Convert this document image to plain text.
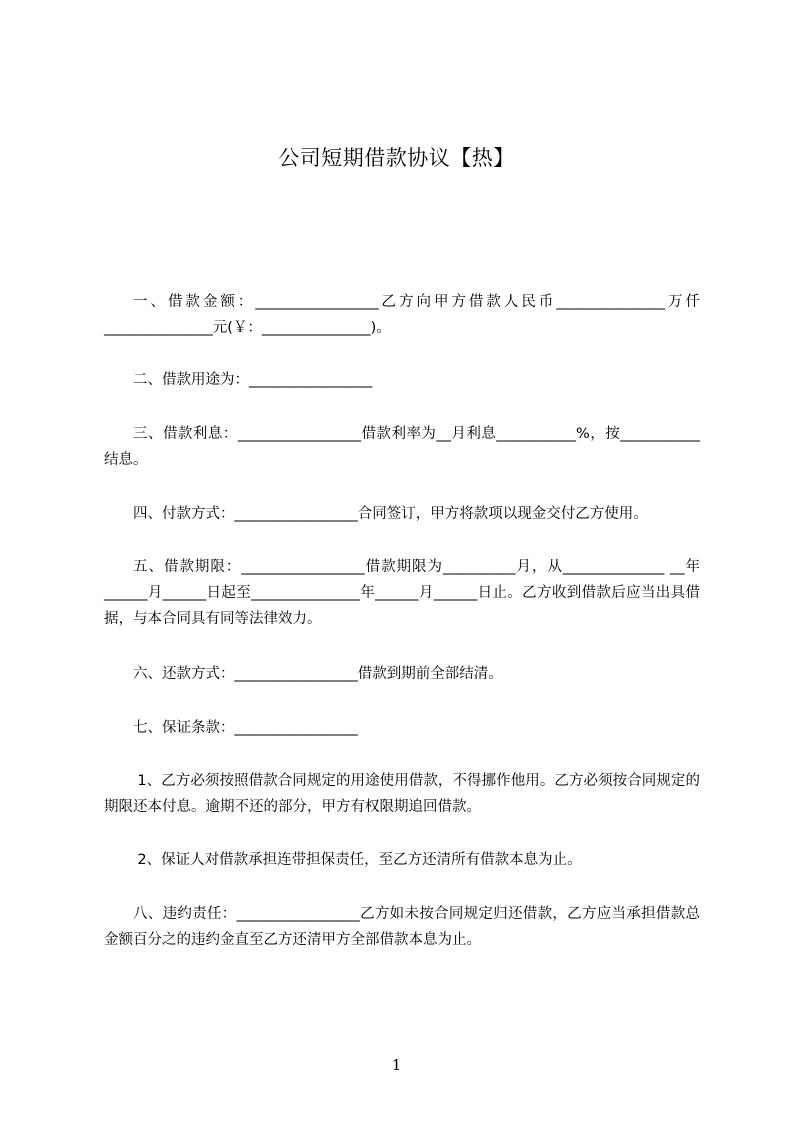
公司短期借款协议【热】
一、借款金额：_________________乙方向甲方借款人民币_______________万仟_______________元(￥：_______________)。
二、借款用途为：_________________
三、借款利息：_________________借款利率为__月利息___________%，按___________结息。
四、付款方式：_________________合同签订，甲方将款项以现金交付乙方使用。
五、借款期限：_________________借款期限为__________月，从______________ __年______月______日起至_______________年______月______日止。乙方收到借款后应当出具借据，与本合同具有同等法律效力。
六、还款方式：_________________借款到期前全部结清。
七、保证条款：_________________
1、乙方必须按照借款合同规定的用途使用借款，不得挪作他用。乙方必须按合同规定的期限还本付息。逾期不还的部分，甲方有权限期追回借款。
2、保证人对借款承担连带担保责任，至乙方还清所有借款本息为止。
八、违约责任：_________________乙方如未按合同规定归还借款，乙方应当承担借款总金额百分之的违约金直至乙方还清甲方全部借款本息为止。
1
